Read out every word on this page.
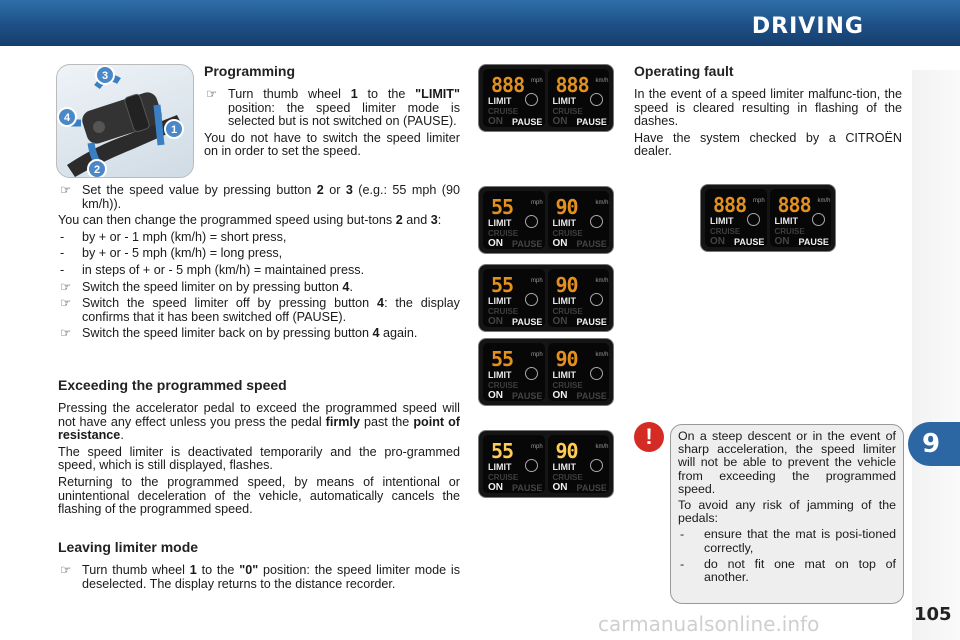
DRIVING
9
105
carmanualsonline.info
3
4
1
2
Programming
☞ Turn thumb wheel 1 to the "LIMIT" position: the speed limiter mode is selected but is not switched on (PAUSE).

You do not have to switch the speed limiter on in order to set the speed.

☞ Set the speed value by pressing button 2 or 3 (e.g.: 55 mph (90 km/h)).

You can then change the programmed speed using but-tons 2 and 3:

- by + or - 1 mph (km/h) = short press,
- by + or - 5 mph (km/h) = long press,
- in steps of + or - 5 mph (km/h) = maintained press.
☞ Switch the speed limiter on by pressing button 4.
☞ Switch the speed limiter off by pressing button 4: the display confirms that it has been switched off (PAUSE).
☞ Switch the speed limiter back on by pressing button 4 again.
Exceeding the programmed speed

Pressing the accelerator pedal to exceed the programmed speed will not have any effect unless you press the pedal firmly past the point of resistance.

The speed limiter is deactivated temporarily and the pro-grammed speed, which is still displayed, flashes.

Returning to the programmed speed, by means of intentional or unintentional deceleration of the vehicle, automatically cancels the flashing of the programmed speed.

Leaving limiter mode
☞ Turn thumb wheel 1 to the "0" position: the speed limiter mode is deselected. The display returns to the distance recorder.
Operating fault

In the event of a speed limiter malfunc-tion, the speed is cleared resulting in flashing of the dashes.

Have the system checked by a CITROËN dealer.

!	On a steep descent or in the event of sharp acceleration, the speed limiter will not be able to prevent the vehicle from exceeding the programmed speed.

To avoid any risk of jamming of the pedals:

- ensure that the mat is posi-tioned correctly,
- do not fit one mat on top of another.
888 mph
LIMIT
CRUISE
ON PAUSE
888 km/h
LIMIT
CRUISE
ON PAUSE
888 mph
LIMIT
CRUISE
ON PAUSE
888 km/h
LIMIT
CRUISE
ON PAUSE
55	mph
LIMIT
CRUISE
ON PAUSE
90	km/h
LIMIT
CRUISE
ON PAUSE
55	mph
LIMIT
CRUISE
ON PAUSE
90	km/h
LIMIT
CRUISE
ON PAUSE
55	mph
LIMIT
CRUISE
ON PAUSE
90	km/h
LIMIT
CRUISE
ON PAUSE
55	mph
LIMIT
CRUISE
ON PAUSE
90	km/h
LIMIT
CRUISE
ON PAUSE
